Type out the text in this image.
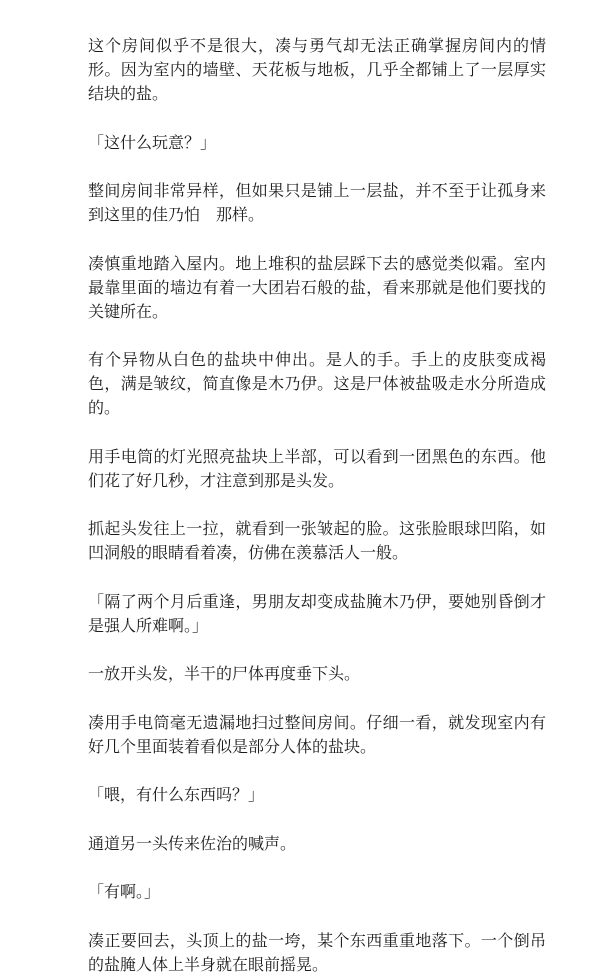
这个房间似乎不是很大，凑与勇气却无法正确掌握房间内的情形。因为室内的墙壁、天花板与地板，几乎全都铺上了一层厚实结块的盐。

「这什么玩意？」

整间房间非常异样，但如果只是铺上一层盐，并不至于让孤身来到这里的佳乃怕　那样。

凑慎重地踏入屋内。地上堆积的盐层踩下去的感觉类似霜。室内最靠里面的墙边有着一大团岩石般的盐，看来那就是他们要找的关键所在。

有个异物从白色的盐块中伸出。是人的手。手上的皮肤变成褐色，满是皱纹，简直像是木乃伊。这是尸体被盐吸走水分所造成的。

用手电筒的灯光照亮盐块上半部，可以看到一团黑色的东西。他们花了好几秒，才注意到那是头发。

抓起头发往上一拉，就看到一张皱起的脸。这张脸眼球凹陷，如凹洞般的眼睛看着凑，仿佛在羡慕活人一般。

「隔了两个月后重逢，男朋友却变成盐腌木乃伊，要她别昏倒才是强人所难啊。」

一放开头发，半干的尸体再度垂下头。

凑用手电筒毫无遗漏地扫过整间房间。仔细一看，就发现室内有好几个里面装着看似是部分人体的盐块。

「喂，有什么东西吗？」

通道另一头传来佐治的喊声。

「有啊。」

凑正要回去，头顶上的盐一垮，某个东西重重地落下。一个倒吊的盐腌人体上半身就在眼前摇晃。
